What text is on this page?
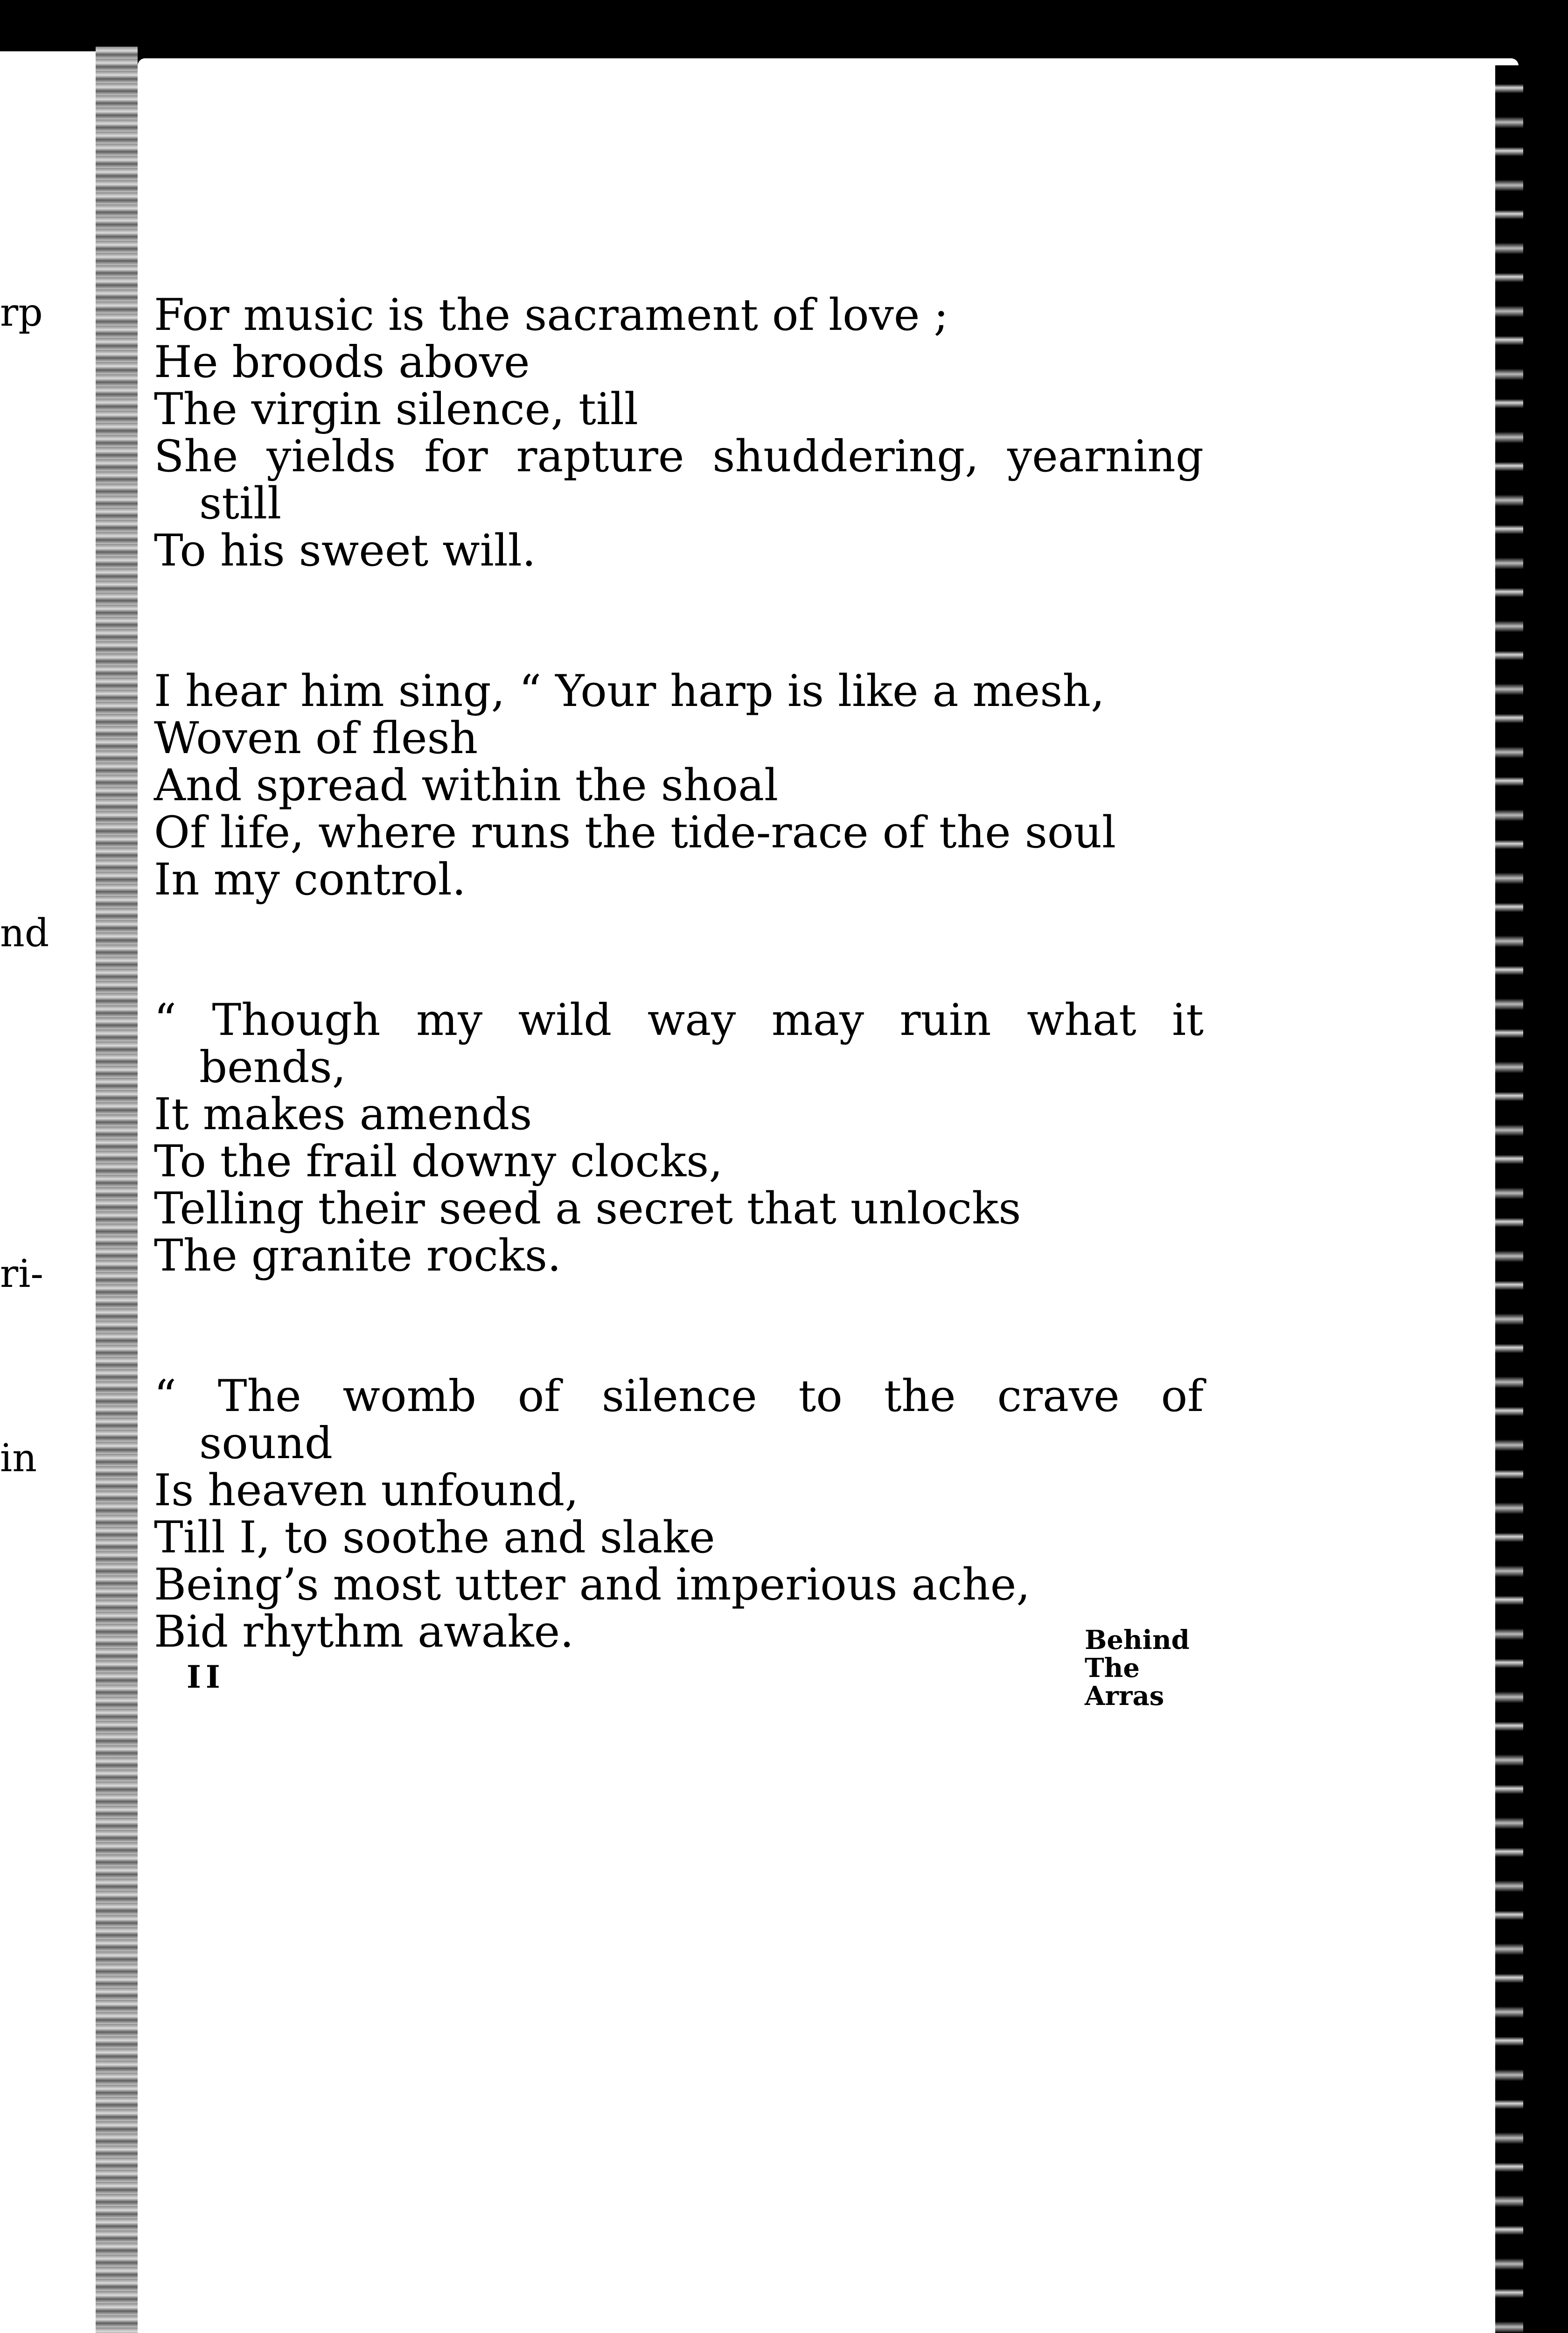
rp
nd
ri-
in
For music is the sacrament of love ;
He broods above
The virgin silence, till
She yields for rapture shuddering, yearning
still
To his sweet will.
I hear him sing, “ Your harp is like a mesh,
Woven of flesh
And spread within the shoal
Of life, where runs the tide-race of the soul
In my control.
“ Though my wild way may ruin what it
bends,
It makes amends
To the frail downy clocks,
Telling their seed a secret that unlocks
The granite rocks.
“ The womb of silence to the crave of
sound
Is heaven unfound,
Till I, to soothe and slake
Being’s most utter and imperious ache,
Bid rhythm awake.
II
Behind
The
Arras
